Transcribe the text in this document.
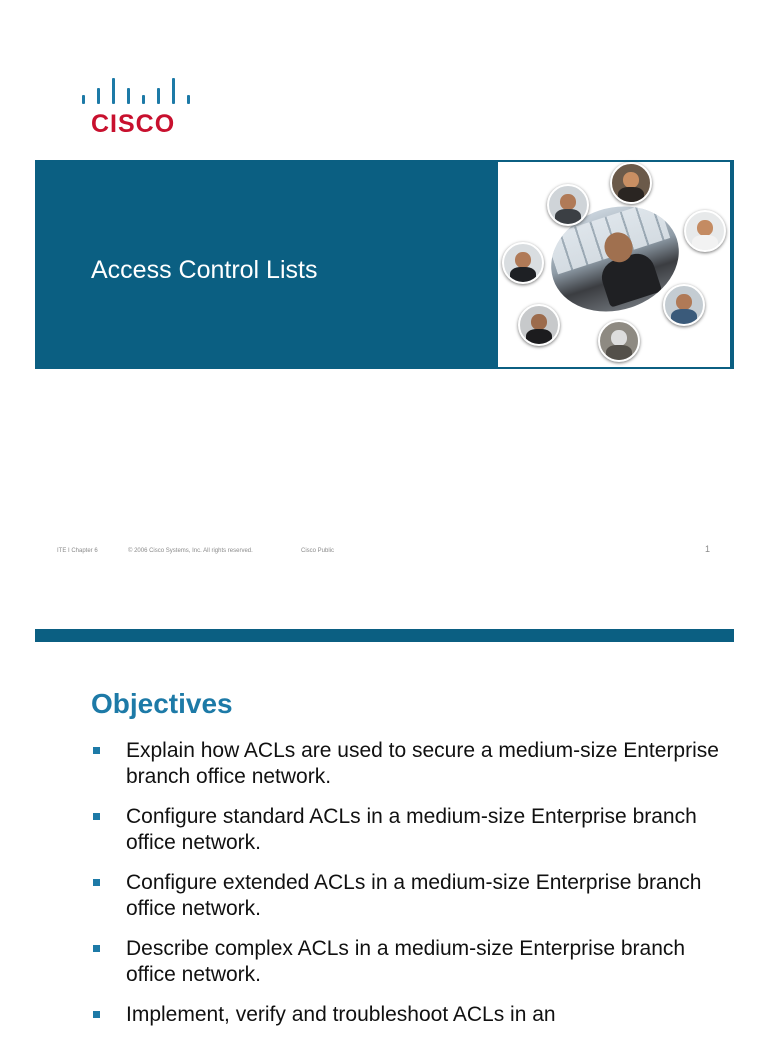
CISCO
Access Control Lists
ITE I Chapter 6	© 2006 Cisco Systems, Inc. All rights reserved.	Cisco Public	1
Objectives
Explain how ACLs are used to secure a medium-size Enterprise branch office network.
Configure standard ACLs in a medium-size Enterprise branch office network.
Configure extended ACLs in a medium-size Enterprise branch office network.
Describe complex ACLs in a medium-size Enterprise branch office network.
Implement, verify and troubleshoot ACLs in an
